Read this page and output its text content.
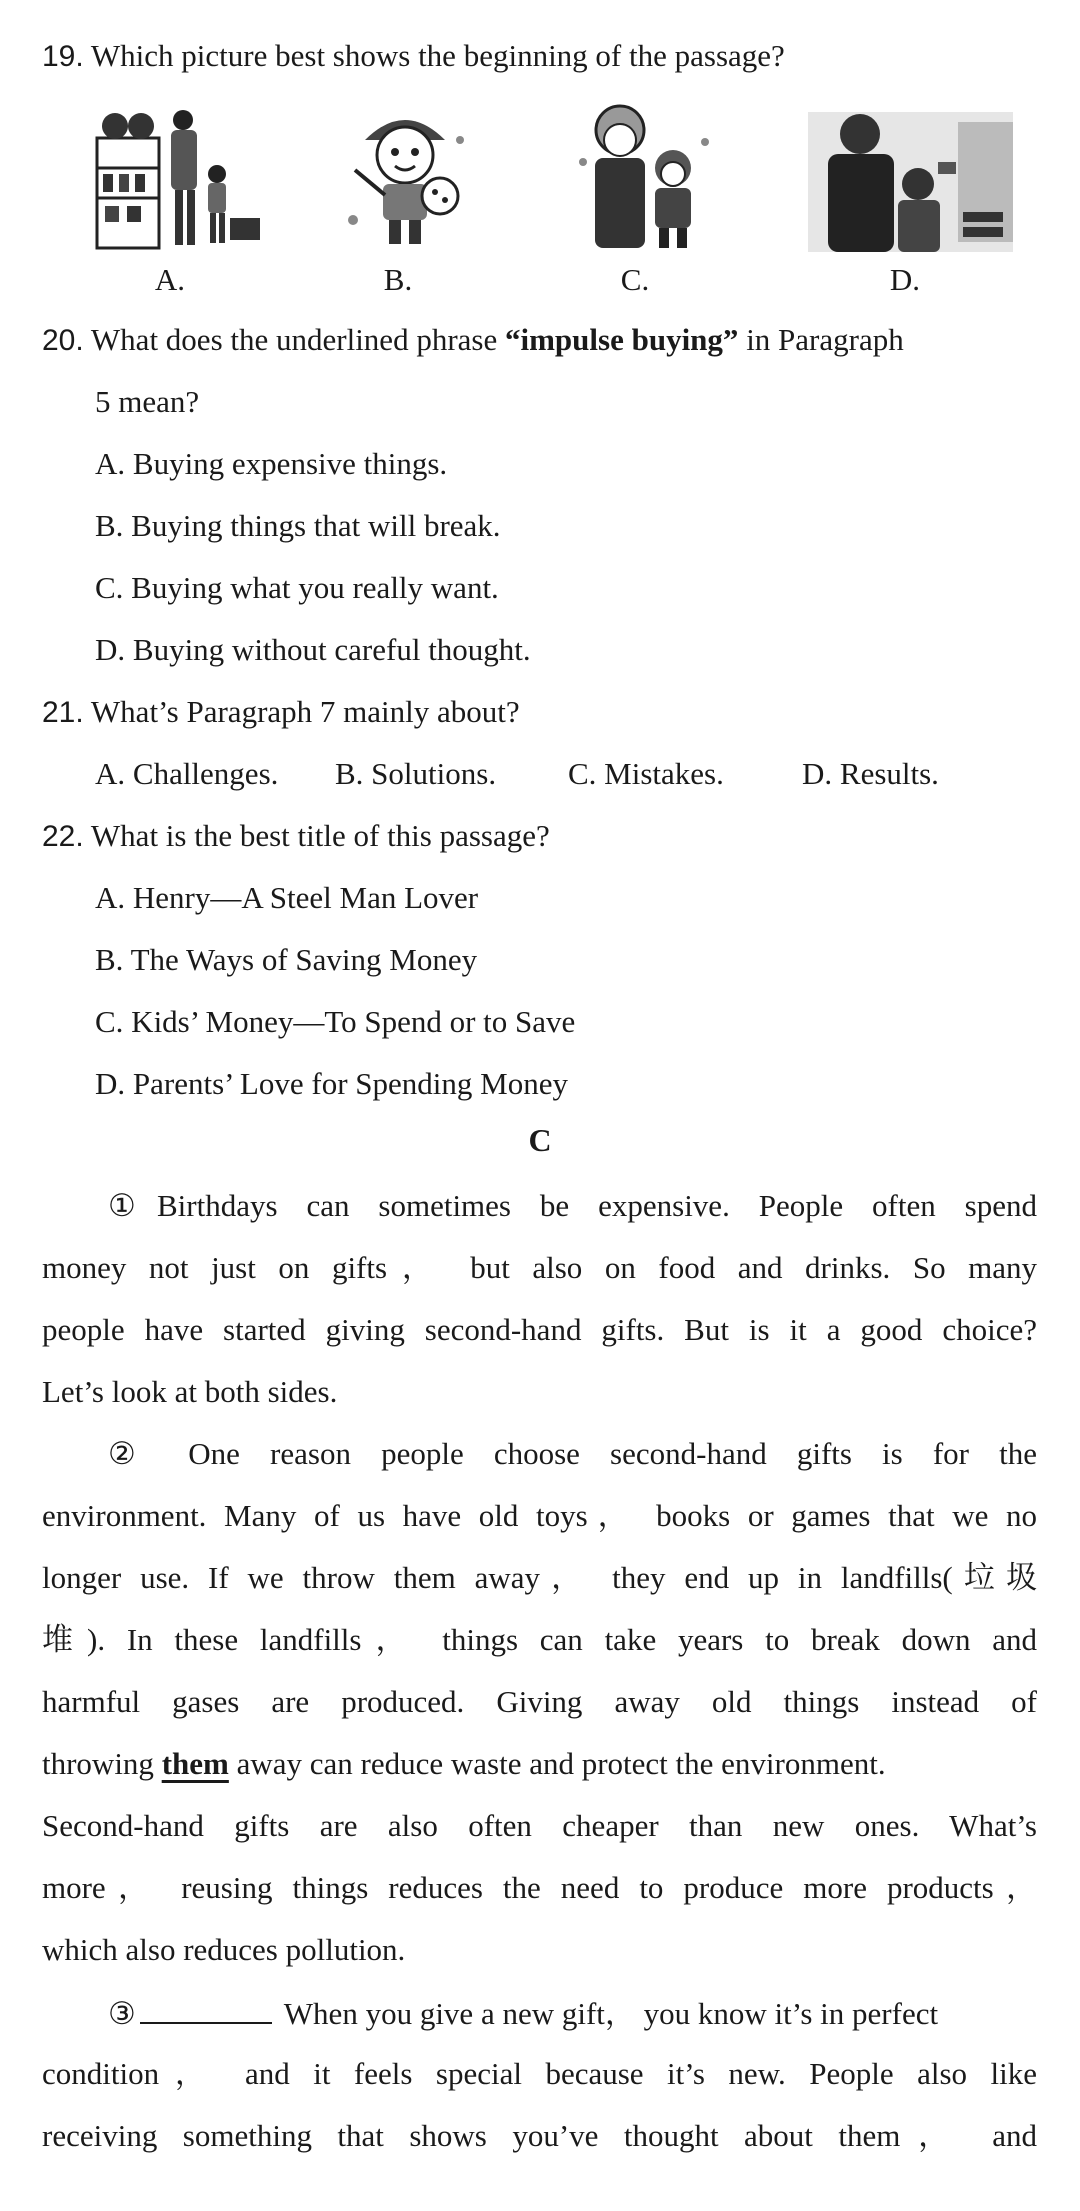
19. Which picture best shows the beginning of the passage?
A.	B.	C.	D.
20. What does the underlined phrase “impulse buying” in Paragraph
5 mean?
A. Buying expensive things.
B. Buying things that will break.
C. Buying what you really want.
D. Buying without careful thought.
21. What’s Paragraph 7 mainly about?
A. Challenges. B. Solutions. C. Mistakes.	D. Results.
22. What is the best title of this passage?
A. Henry—A Steel Man Lover
B. The Ways of Saving Money
C. Kids’ Money—To Spend or to Save
D. Parents’ Love for Spending Money
C
①Birthdays can sometimes be expensive. People often spend
money not just on gifts， but also on food and drinks. So many
people have started giving second-hand gifts. But is it a good choice?
Let’s look at both sides.
② One reason people choose second-hand gifts is for the
environment. Many of us have old toys， books or games that we no
longer use. If we throw them away， they end up in landfills(垃圾
堆). In these landfills， things can take years to break down and
harmful gases are produced. Giving away old things instead of
throwing them away can reduce waste and protect the environment.
Second-hand gifts are also often cheaper than new ones. What’s
more， reusing things reduces the need to produce more products，
which also reduces pollution.
③	When you give a new gift， you know it’s in perfect
condition， and it feels special because it’s new. People also like
receiving something that shows you’ve thought about them， and
